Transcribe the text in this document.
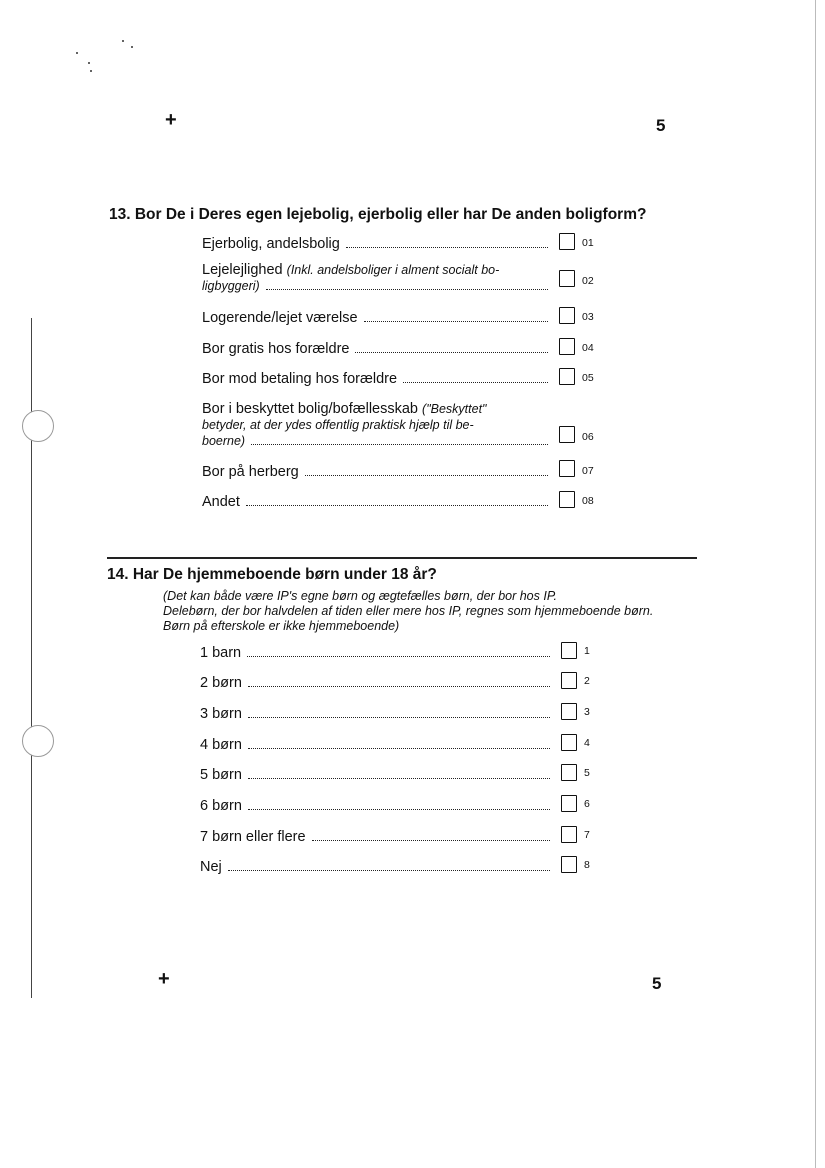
+	5
13. Bor De i Deres egen lejebolig, ejerbolig eller har De anden boligform?
Ejerbolig, andelsbolig	01
Lejelejlighed (Inkl. andelsboliger i alment socialt bo-
ligbyggeri)	02
Logerende/lejet værelse	03
Bor gratis hos forældre	04
Bor mod betaling hos forældre	05
Bor i beskyttet bolig/bofællesskab ("Beskyttet"
betyder, at der ydes offentlig praktisk hjælp til be-
boerne)	06
Bor på herberg	07
Andet	08
14. Har De hjemmeboende børn under 18 år?
(Det kan både være IP's egne børn og ægtefælles børn, der bor hos IP.
Delebørn, der bor halvdelen af tiden eller mere hos IP, regnes som hjemmeboende børn.
Børn på efterskole er ikke hjemmeboende)
1 barn	1
2 børn	2
3 børn	3
4 børn	4
5 børn	5
6 børn	6
7 børn eller flere	7
Nej	8
+	5
